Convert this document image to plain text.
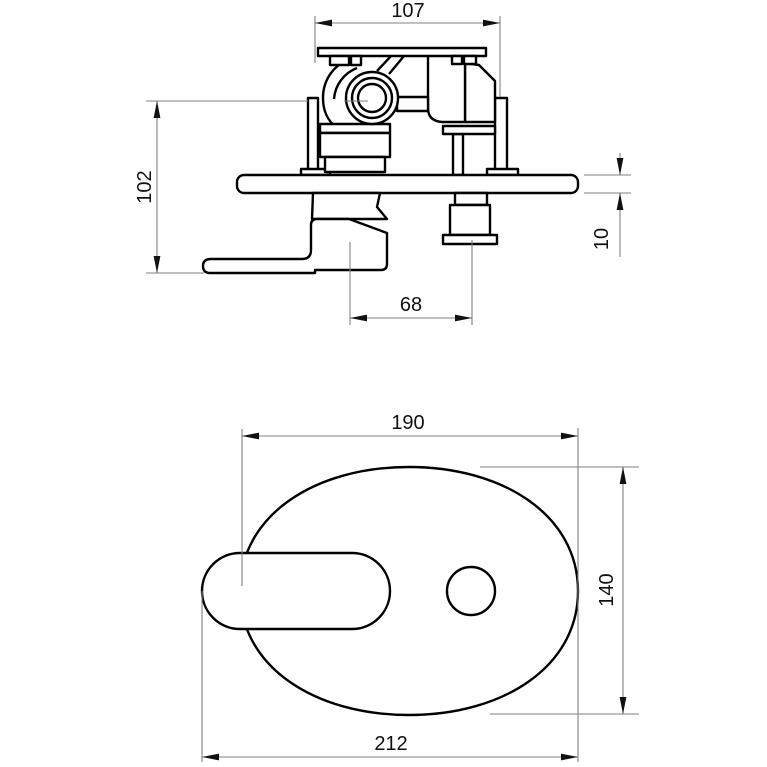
107
102
10
68
190
140
212
